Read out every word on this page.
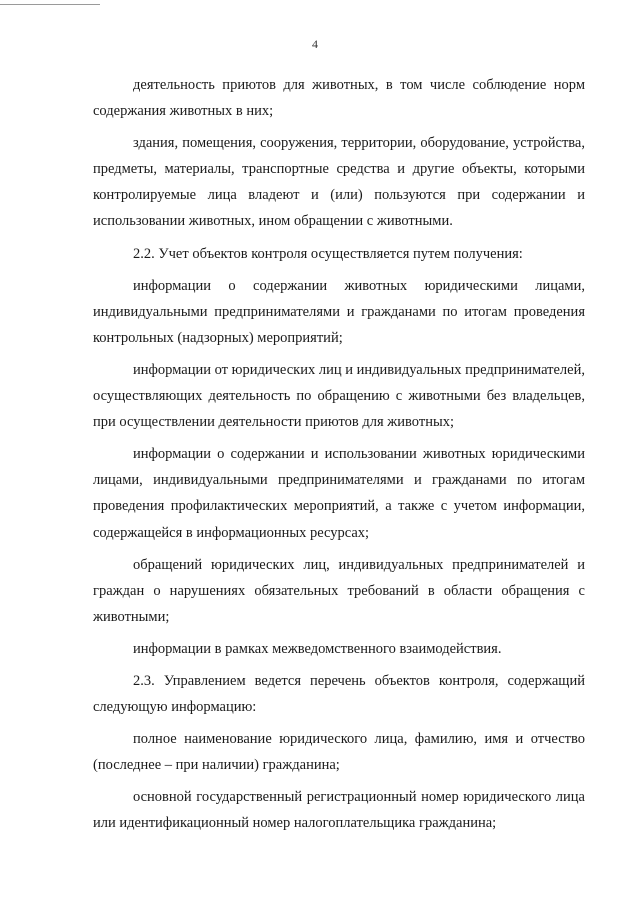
4

деятельность приютов для животных, в том числе соблюдение норм содержания животных в них;

здания, помещения, сооружения, территории, оборудование, устройства, предметы, материалы, транспортные средства и другие объекты, которыми контролируемые лица владеют и (или) пользуются при содержании и использовании животных, ином обращении с животными.

2.2. Учет объектов контроля осуществляется путем получения:

информации о содержании животных юридическими лицами, индивидуальными предпринимателями и гражданами по итогам проведения контрольных (надзорных) мероприятий;

информации от юридических лиц и индивидуальных предпринимателей, осуществляющих деятельность по обращению с животными без владельцев, при осуществлении деятельности приютов для животных;

информации о содержании и использовании животных юридическими лицами, индивидуальными предпринимателями и гражданами по итогам проведения профилактических мероприятий, а также с учетом информации, содержащейся в информационных ресурсах;

обращений юридических лиц, индивидуальных предпринимателей и граждан о нарушениях обязательных требований в области обращения с животными;

информации в рамках межведомственного взаимодействия.

2.3. Управлением ведется перечень объектов контроля, содержащий следующую информацию:

полное наименование юридического лица, фамилию, имя и отчество (последнее – при наличии) гражданина;

основной государственный регистрационный номер юридического лица или идентификационный номер налогоплательщика гражданина;
